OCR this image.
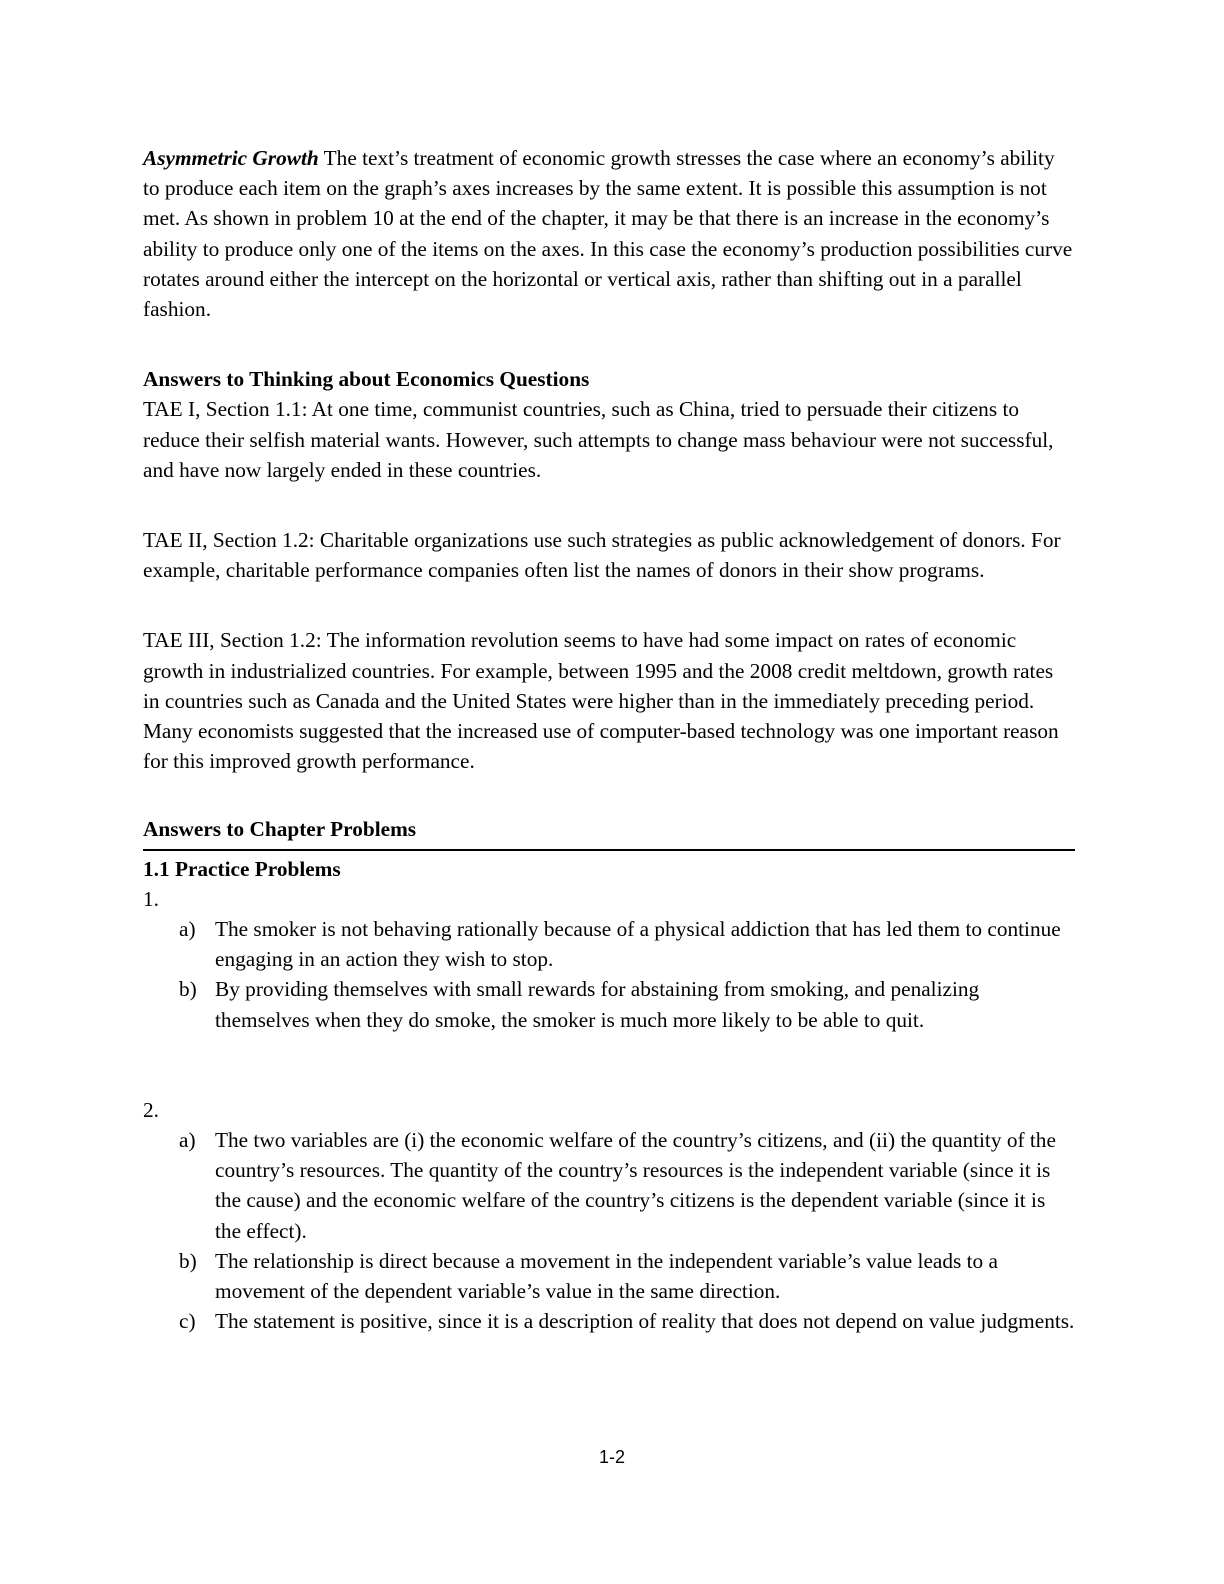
Asymmetric Growth The text’s treatment of economic growth stresses the case where an economy’s ability to produce each item on the graph’s axes increases by the same extent. It is possible this assumption is not met. As shown in problem 10 at the end of the chapter, it may be that there is an increase in the economy’s ability to produce only one of the items on the axes. In this case the economy’s production possibilities curve rotates around either the intercept on the horizontal or vertical axis, rather than shifting out in a parallel fashion.

Answers to Thinking about Economics Questions

TAE I, Section 1.1: At one time, communist countries, such as China, tried to persuade their citizens to reduce their selfish material wants. However, such attempts to change mass behaviour were not successful, and have now largely ended in these countries.

TAE II, Section 1.2: Charitable organizations use such strategies as public acknowledgement of donors. For example, charitable performance companies often list the names of donors in their show programs.

TAE III, Section 1.2: The information revolution seems to have had some impact on rates of economic growth in industrialized countries. For example, between 1995 and the 2008 credit meltdown, growth rates in countries such as Canada and the United States were higher than in the immediately preceding period. Many economists suggested that the increased use of computer-based technology was one important reason for this improved growth performance.

Answers to Chapter Problems

1.1 Practice Problems

1.

a) The smoker is not behaving rationally because of a physical addiction that has led them to continue engaging in an action they wish to stop.
b) By providing themselves with small rewards for abstaining from smoking, and penalizing themselves when they do smoke, the smoker is much more likely to be able to quit.

2.

a) The two variables are (i) the economic welfare of the country’s citizens, and (ii) the quantity of the country’s resources. The quantity of the country’s resources is the independent variable (since it is the cause) and the economic welfare of the country’s citizens is the dependent variable (since it is the effect).
b) The relationship is direct because a movement in the independent variable’s value leads to a movement of the dependent variable’s value in the same direction.
c) The statement is positive, since it is a description of reality that does not depend on value judgments.
1-2
